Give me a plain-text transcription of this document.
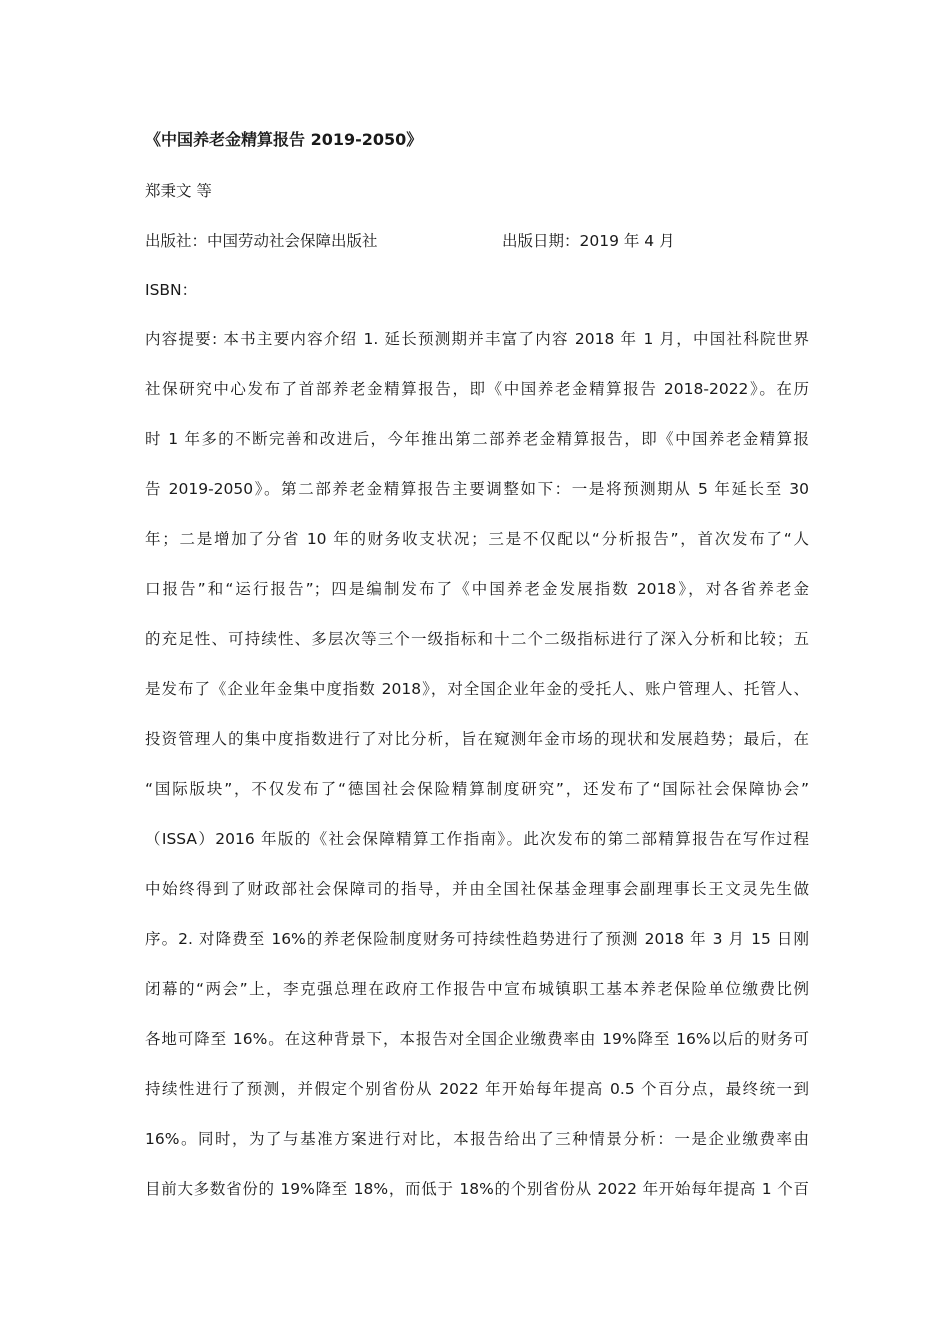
《中国养老金精算报告 2019-2050》
郑秉文 等
出版社：中国劳动社会保障出版社	出版日期：2019 年 4 月
ISBN：
内容提要: 本书主要内容介绍 1. 延长预测期并丰富了内容 2018 年 1 月，中国社科院世界
社保研究中心发布了首部养老金精算报告，即《中国养老金精算报告 2018-2022》。在历
时 1 年多的不断完善和改进后，今年推出第二部养老金精算报告，即《中国养老金精算报
告 2019-2050》。第二部养老金精算报告主要调整如下：一是将预测期从 5 年延长至 30
年；二是增加了分省 10 年的财务收支状况；三是不仅配以“分析报告”，首次发布了“人
口报告”和“运行报告”；四是编制发布了《中国养老金发展指数 2018》，对各省养老金
的充足性、可持续性、多层次等三个一级指标和十二个二级指标进行了深入分析和比较；五
是发布了《企业年金集中度指数 2018》，对全国企业年金的受托人、账户管理人、托管人、
投资管理人的集中度指数进行了对比分析，旨在窥测年金市场的现状和发展趋势；最后，在
“国际版块”，不仅发布了“德国社会保险精算制度研究”，还发布了“国际社会保障协会”
（ISSA）2016 年版的《社会保障精算工作指南》。此次发布的第二部精算报告在写作过程
中始终得到了财政部社会保障司的指导，并由全国社保基金理事会副理事长王文灵先生做
序。2. 对降费至 16%的养老保险制度财务可持续性趋势进行了预测 2018 年 3 月 15 日刚
闭幕的“两会”上，李克强总理在政府工作报告中宣布城镇职工基本养老保险单位缴费比例
各地可降至 16%。在这种背景下，本报告对全国企业缴费率由 19%降至 16%以后的财务可
持续性进行了预测，并假定个别省份从 2022 年开始每年提高 0.5 个百分点，最终统一到
16%。同时，为了与基准方案进行对比，本报告给出了三种情景分析：一是企业缴费率由
目前大多数省份的 19%降至 18%，而低于 18%的个别省份从 2022 年开始每年提高 1 个百
